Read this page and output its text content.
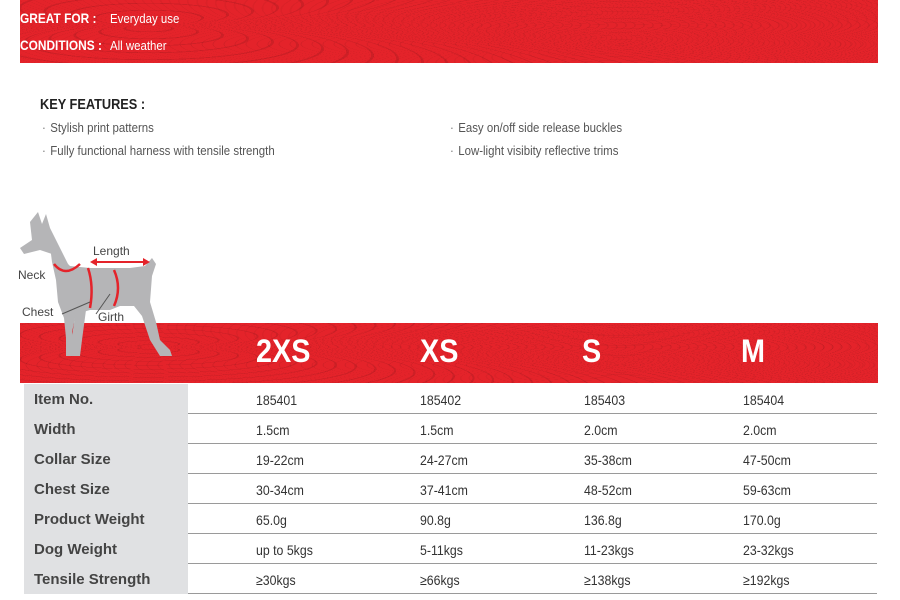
GREAT FOR : Everyday use
CONDITIONS : All weather
KEY FEATURES :
· Stylish print patterns
· Fully functional harness with tensile strength
· Easy on/off side release buckles
· Low-light visibity reflective trims
2XS	XS	S	M
Length
Neck
Chest	Girth
Item No.	185401	185402	185403	185404
Width	1.5cm	1.5cm	2.0cm	2.0cm
Collar Size	19-22cm	24-27cm	35-38cm	47-50cm
Chest Size	30-34cm	37-41cm	48-52cm	59-63cm
Product Weight	65.0g	90.8g	136.8g	170.0g
Dog Weight	up to 5kgs	5-11kgs	11-23kgs	23-32kgs
Tensile Strength	≥30kgs	≥66kgs	≥138kgs	≥192kgs
